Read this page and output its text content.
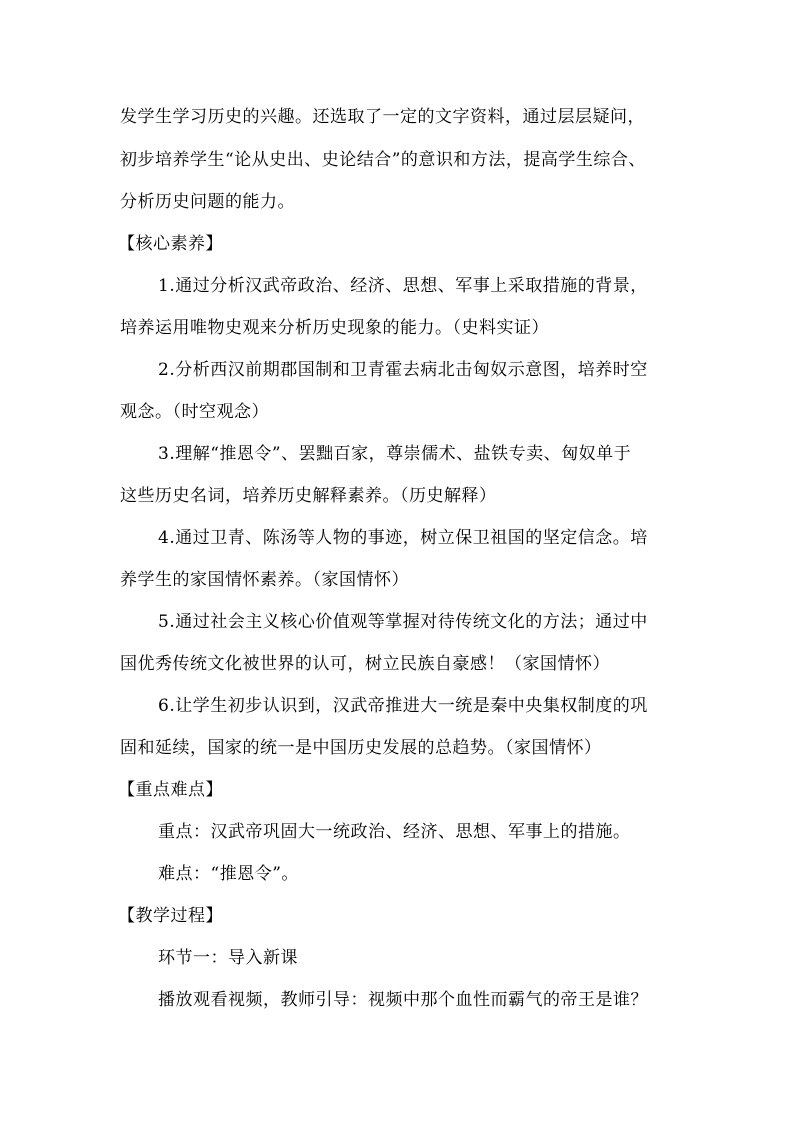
发学生学习历史的兴趣。还选取了一定的文字资料，通过层层疑问，
初步培养学生“论从史出、史论结合”的意识和方法，提高学生综合、
分析历史问题的能力。
【核心素养】
1.通过分析汉武帝政治、经济、思想、军事上采取措施的背景，
培养运用唯物史观来分析历史现象的能力。（史料实证）
2.分析西汉前期郡国制和卫青霍去病北击匈奴示意图，培养时空
观念。（时空观念）
3.理解“推恩令”、罢黜百家，尊崇儒术、盐铁专卖、匈奴单于
这些历史名词，培养历史解释素养。（历史解释）
4.通过卫青、陈汤等人物的事迹，树立保卫祖国的坚定信念。培
养学生的家国情怀素养。（家国情怀）
5.通过社会主义核心价值观等掌握对待传统文化的方法；通过中
国优秀传统文化被世界的认可，树立民族自豪感！（家国情怀）
6.让学生初步认识到，汉武帝推进大一统是秦中央集权制度的巩
固和延续，国家的统一是中国历史发展的总趋势。（家国情怀）
【重点难点】
重点：汉武帝巩固大一统政治、经济、思想、军事上的措施。
难点：“推恩令”。
【教学过程】
环节一：导入新课
播放观看视频，教师引导：视频中那个血性而霸气的帝王是谁？
